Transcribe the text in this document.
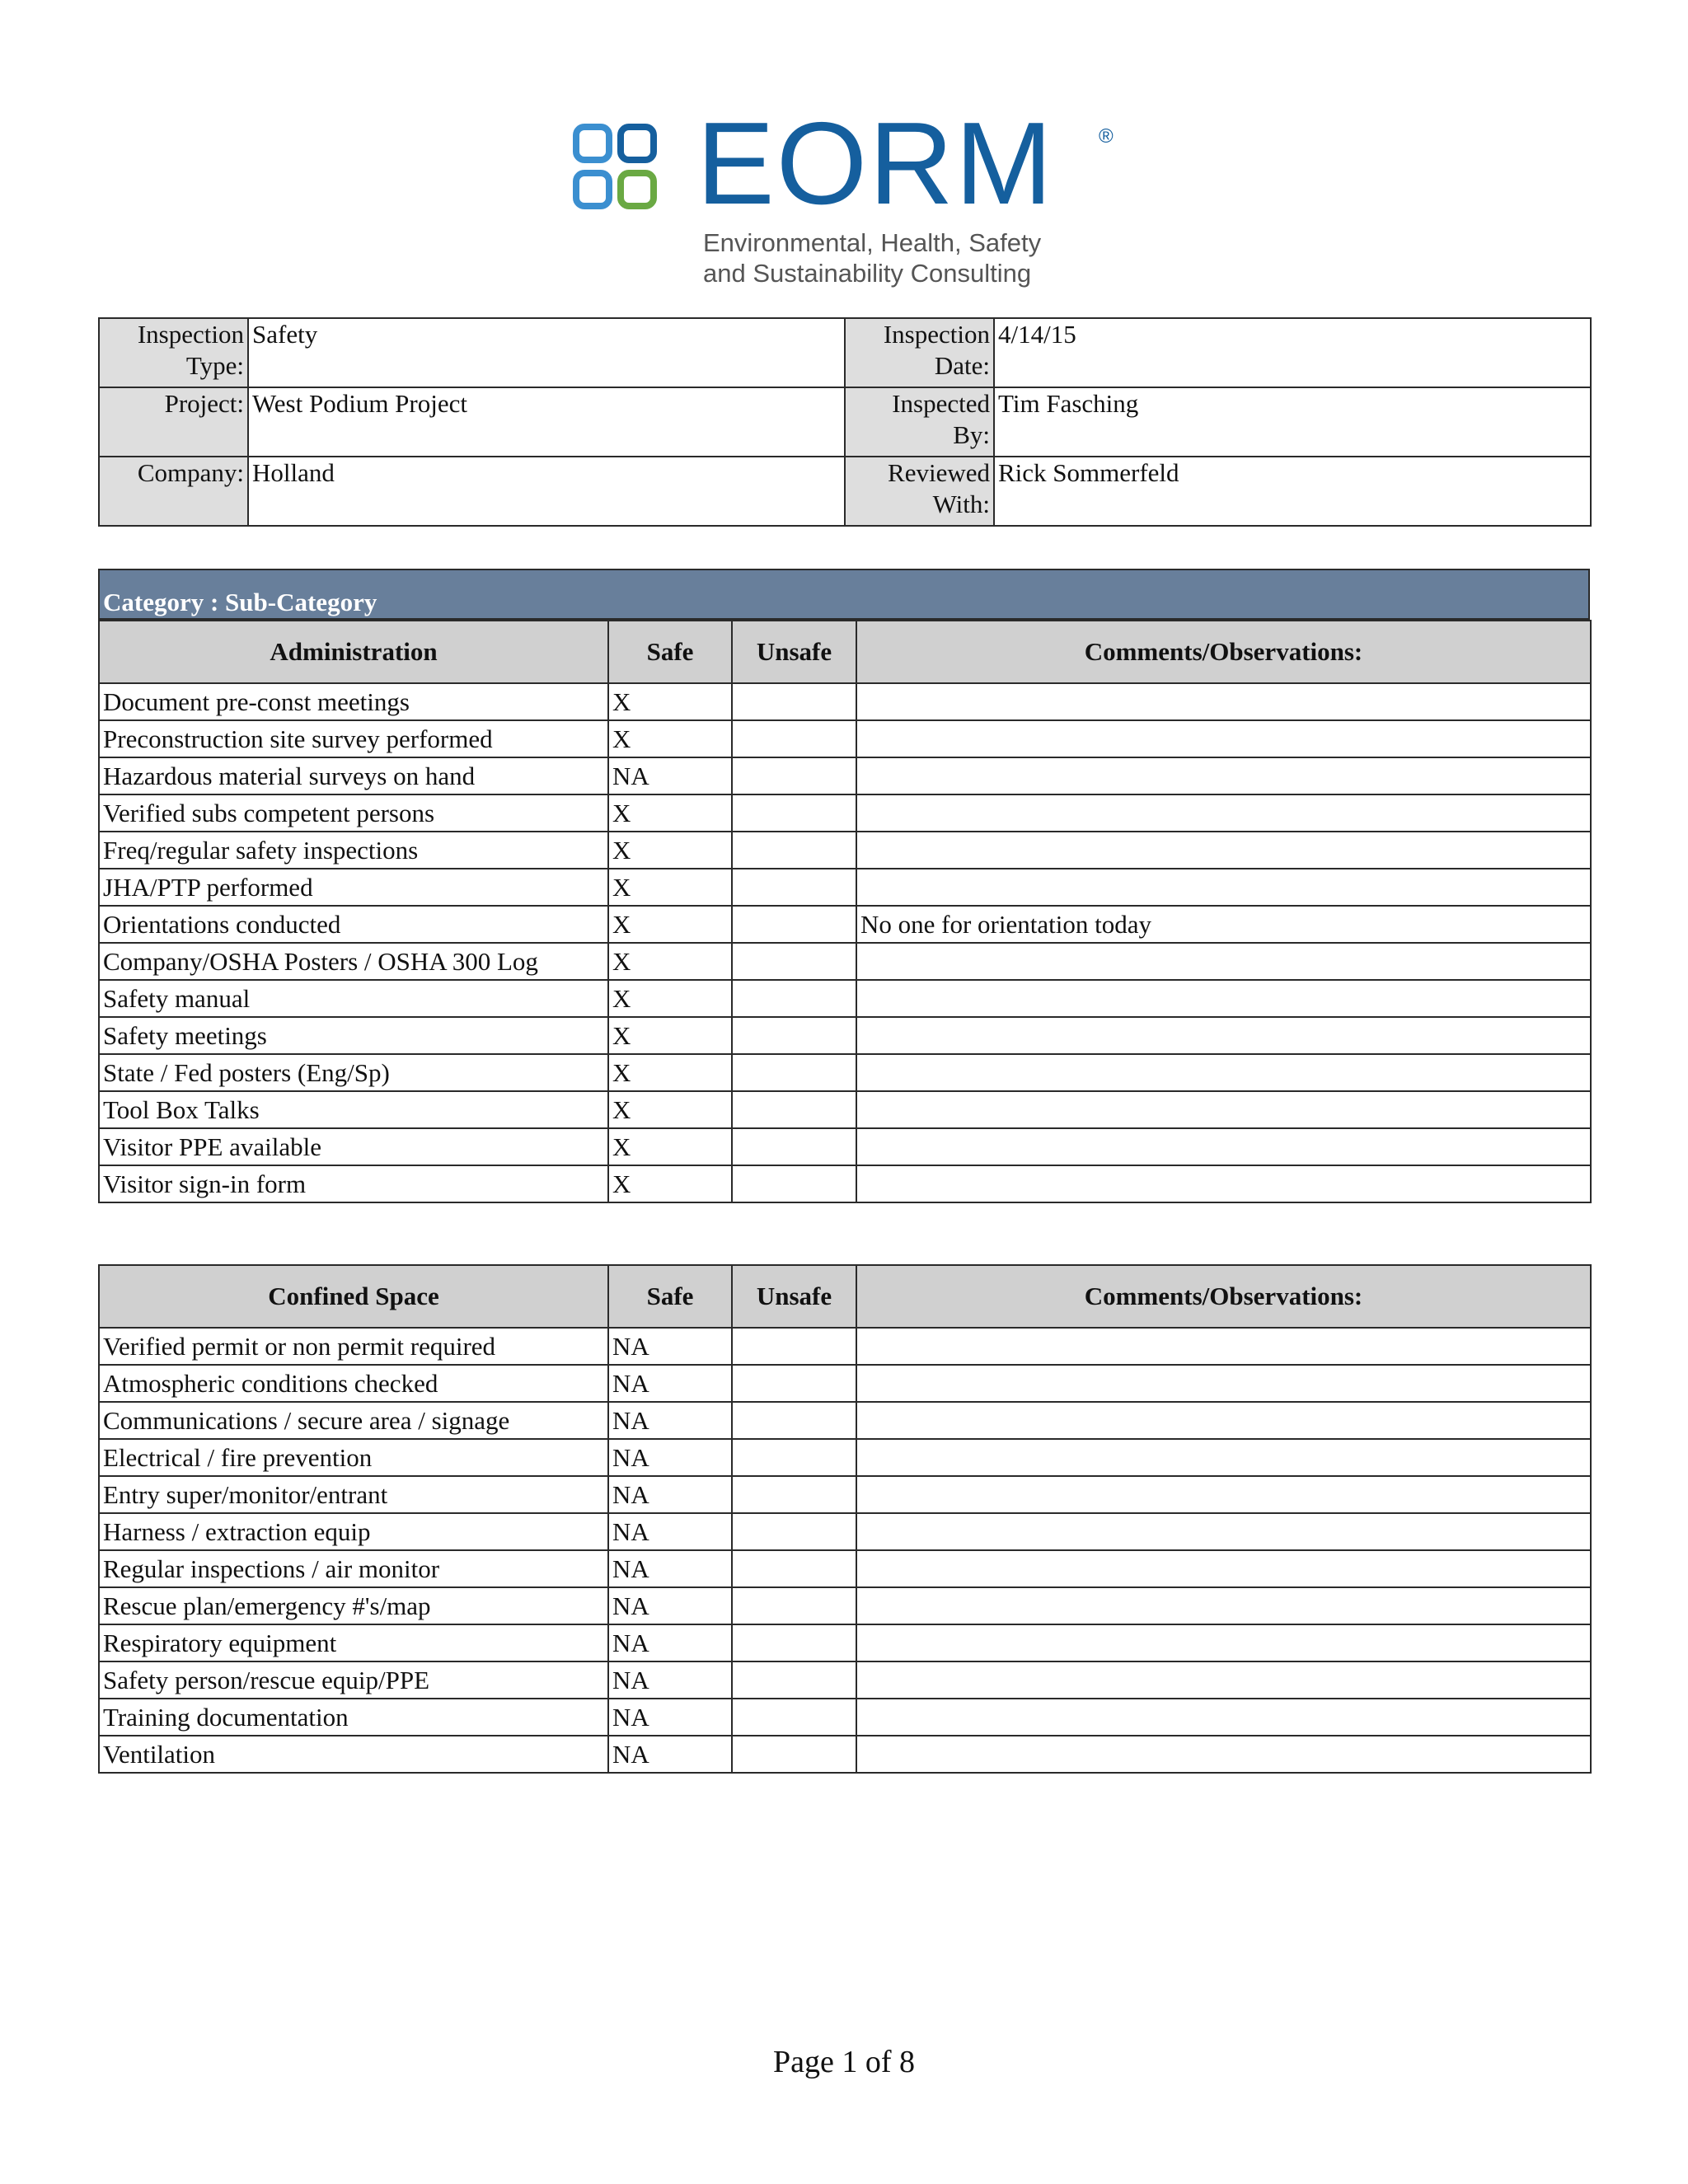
EORM ®
Environmental, Health, Safety
and Sustainability Consulting
Inspection Type:	Safety	Inspection Date:	4/14/15
Project:	West Podium Project	Inspected By:	Tim Fasching
Company:	Holland	Reviewed With:	Rick Sommerfeld
Category : Sub-Category
Administration	Safe	Unsafe	Comments/Observations:
Document pre-const meetings	X		
Preconstruction site survey performed	X		
Hazardous material surveys on hand	NA		
Verified subs competent persons	X		
Freq/regular safety inspections	X		
JHA/PTP performed	X		
Orientations conducted	X		No one for orientation today
Company/OSHA Posters / OSHA 300 Log	X		
Safety manual	X		
Safety meetings	X		
State / Fed posters (Eng/Sp)	X		
Tool Box Talks	X		
Visitor PPE available	X		
Visitor sign-in form	X		
Confined Space	Safe	Unsafe	Comments/Observations:
Verified permit or non permit required	NA		
Atmospheric conditions checked	NA		
Communications / secure area / signage	NA		
Electrical / fire prevention	NA		
Entry super/monitor/entrant	NA		
Harness / extraction equip	NA		
Regular inspections / air monitor	NA		
Rescue plan/emergency #'s/map	NA		
Respiratory equipment	NA		
Safety person/rescue equip/PPE	NA		
Training documentation	NA		
Ventilation	NA		
Page 1 of 8
